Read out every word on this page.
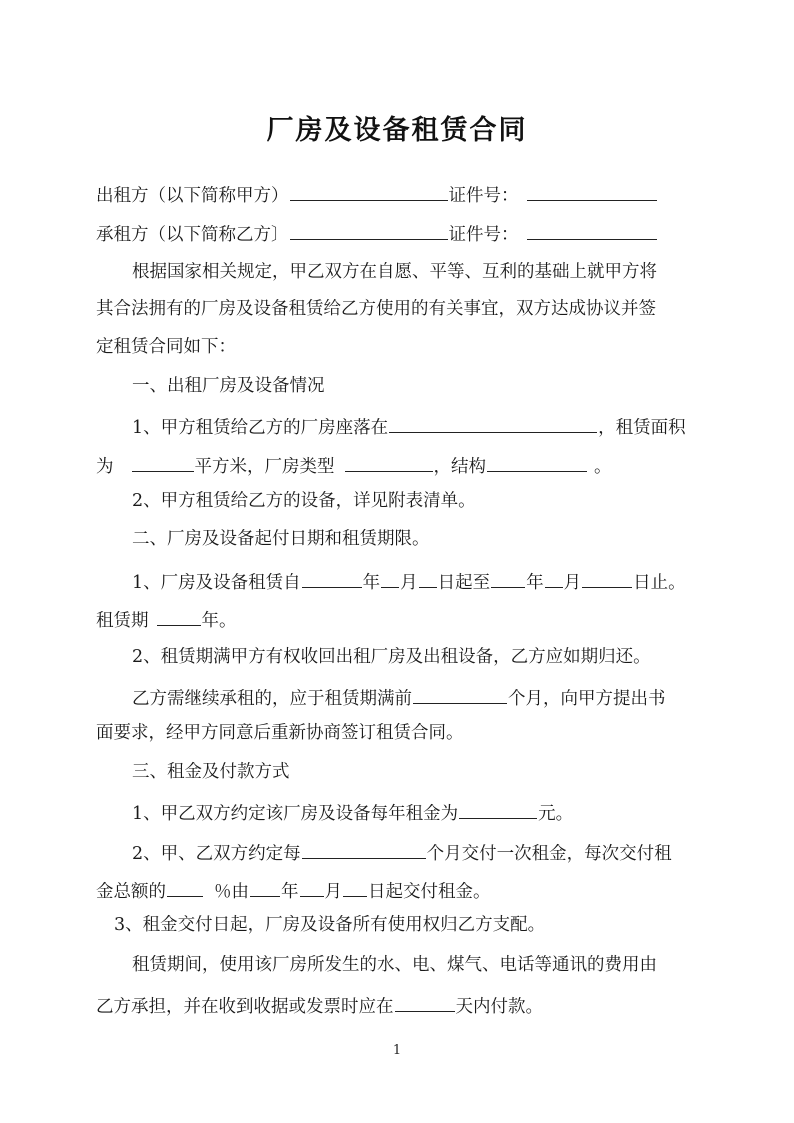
厂房及设备租赁合同
出租方（以下简称甲方）	证件号：
承租方（以下简称乙方〕	证件号：
根据国家相关规定，甲乙双方在自愿、平等、互利的基础上就甲方将
其合法拥有的厂房及设备租赁给乙方使用的有关事宜，双方达成协议并签
定租赁合同如下：
一、出租厂房及设备情况
1、甲方租赁给乙方的厂房座落在	，租赁面积
为	平方米，厂房类型	，结构	。
2、甲方租赁给乙方的设备，详见附表清单。
二、厂房及设备起付日期和租赁期限。
1、厂房及设备租赁自	年 月 日起至 年 月	日止。
租赁期	年。
2、租赁期满甲方有权收回出租厂房及出租设备，乙方应如期归还。
乙方需继续承租的，应于租赁期满前	个月，向甲方提出书
面要求，经甲方同意后重新协商签订租赁合同。
三、租金及付款方式
1、甲乙双方约定该厂房及设备每年租金为	元。
2、甲、乙双方约定每	个月交付一次租金，每次交付租
金总额的	％由 年 月 日起交付租金。
3、租金交付日起，厂房及设备所有使用权归乙方支配。
租赁期间，使用该厂房所发生的水、电、煤气、电话等通讯的费用由
乙方承担，并在收到收据或发票时应在	天内付款。
1
